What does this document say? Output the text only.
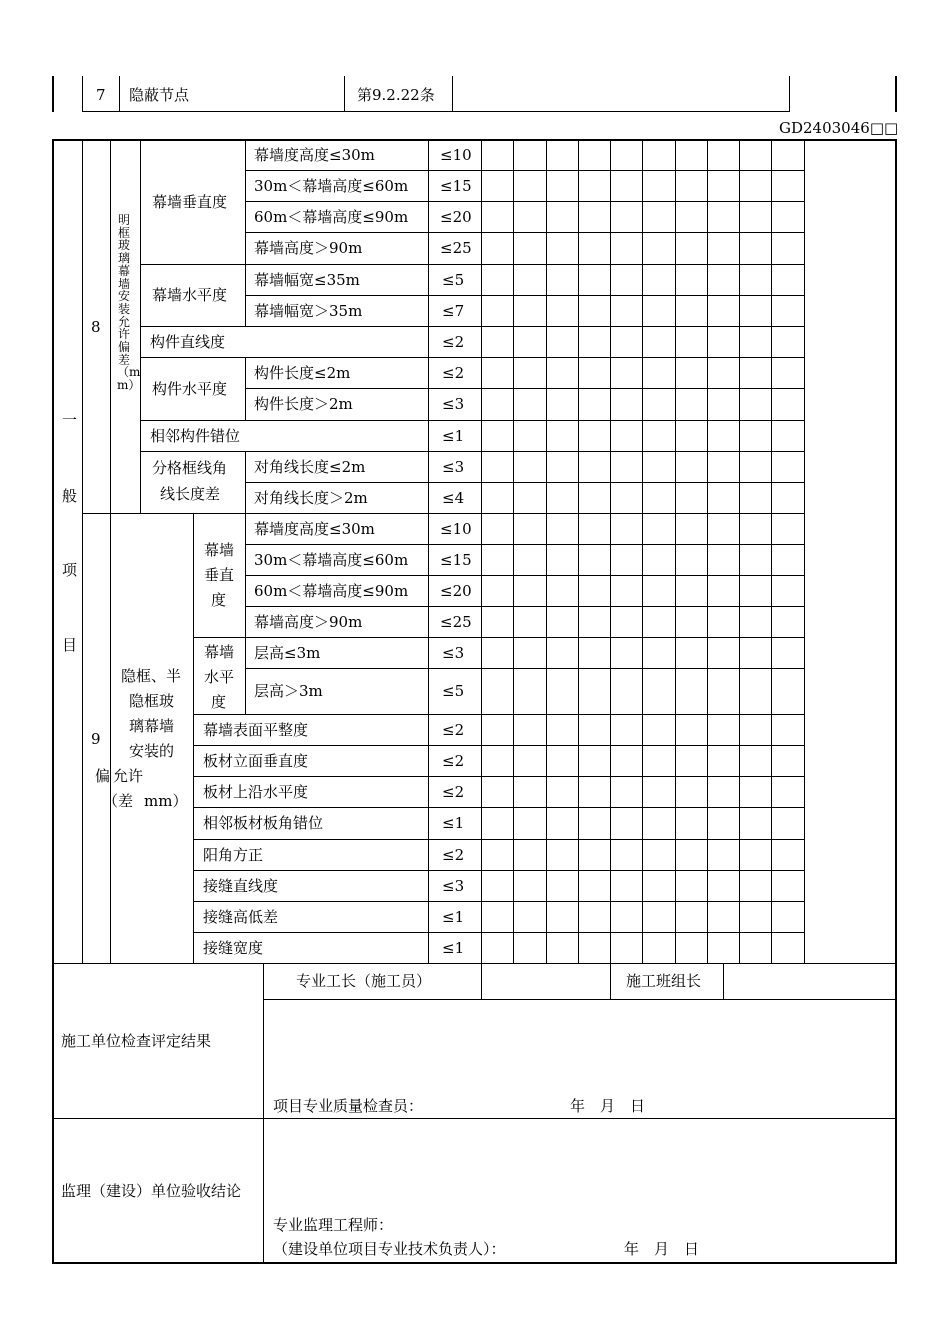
7 隐蔽节点	第9.2.22条
GD2403046□□
一
般
项
目
8
明框玻璃幕墙安装允许偏差（mm）
幕墙垂直度
幕墙度高度≤30m	≤10
30m＜幕墙高度≤60m ≤15
60m＜幕墙高度≤90m ≤20
幕墙高度＞90m	≤25
幕墙水平度
幕墙幅宽≤35m	≤5
幕墙幅宽＞35m	≤7
构件直线度	≤2
构件水平度
构件长度≤2m	≤2
构件长度＞2m	≤3
相邻构件错位	≤1
分格框线角
线长度差
对角线长度≤2m	≤3
对角线长度＞2m	≤4
9
隐框、半
隐框玻
璃幕墙
安装的
允许
偏
（差 mm）
幕墙
垂直
度
幕墙度高度≤30m	≤10
30m＜幕墙高度≤60m ≤15
60m＜幕墙高度≤90m ≤20
幕墙高度＞90m	≤25
幕墙
水平
度
层高≤3m	≤3
层高＞3m	≤5
幕墙表面平整度	≤2
板材立面垂直度	≤2
板材上沿水平度	≤2
相邻板材板角错位	≤1
阳角方正	≤2
接缝直线度	≤3
接缝高低差	≤1
接缝宽度	≤1
专业工长（施工员）	施工班组长
施工单位检查评定结果
项目专业质量检查员：	年　月　日
监理（建设）单位验收结论
专业监理工程师：
（建设单位项目专业技术负责人）：	年　月　日
